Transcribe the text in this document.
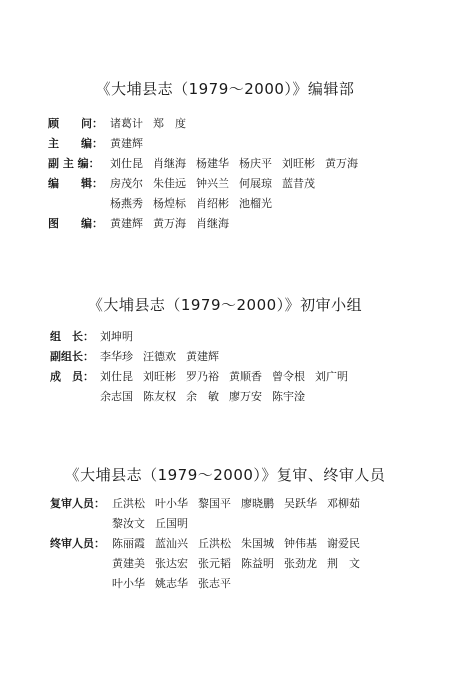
《大埔县志（1979～2000）》编辑部
顾　　问： 诸葛计 郑　度
主　　编： 黄建辉
副 主 编： 刘仕昆 肖继海 杨建华 杨庆平 刘旺彬 黄万海
编　　辑： 房茂尔 朱佳远 钟兴兰 何展琼 蓝昔茂
杨燕秀 杨煌标 肖绍彬 池榴光
图　　编： 黄建辉 黄万海 肖继海
《大埔县志（1979～2000）》初审小组
组　长： 刘坤明
副组长： 李华珍 汪德欢 黄建辉
成　员： 刘仕昆 刘旺彬 罗乃裕 黄顺香 曾令根 刘广明
余志国 陈友权 余　敏 廖万安 陈宇淦
《大埔县志（1979～2000）》复审、终审人员
复审人员： 丘洪松 叶小华 黎国平 廖晓鹏 吴跃华 邓柳茹
黎汝文 丘国明
终审人员： 陈丽霞 蓝汕兴 丘洪松 朱国城 钟伟基 谢爱民
黄建美 张达宏 张元韬 陈益明 张劲龙 荆　文
叶小华 姚志华 张志平
